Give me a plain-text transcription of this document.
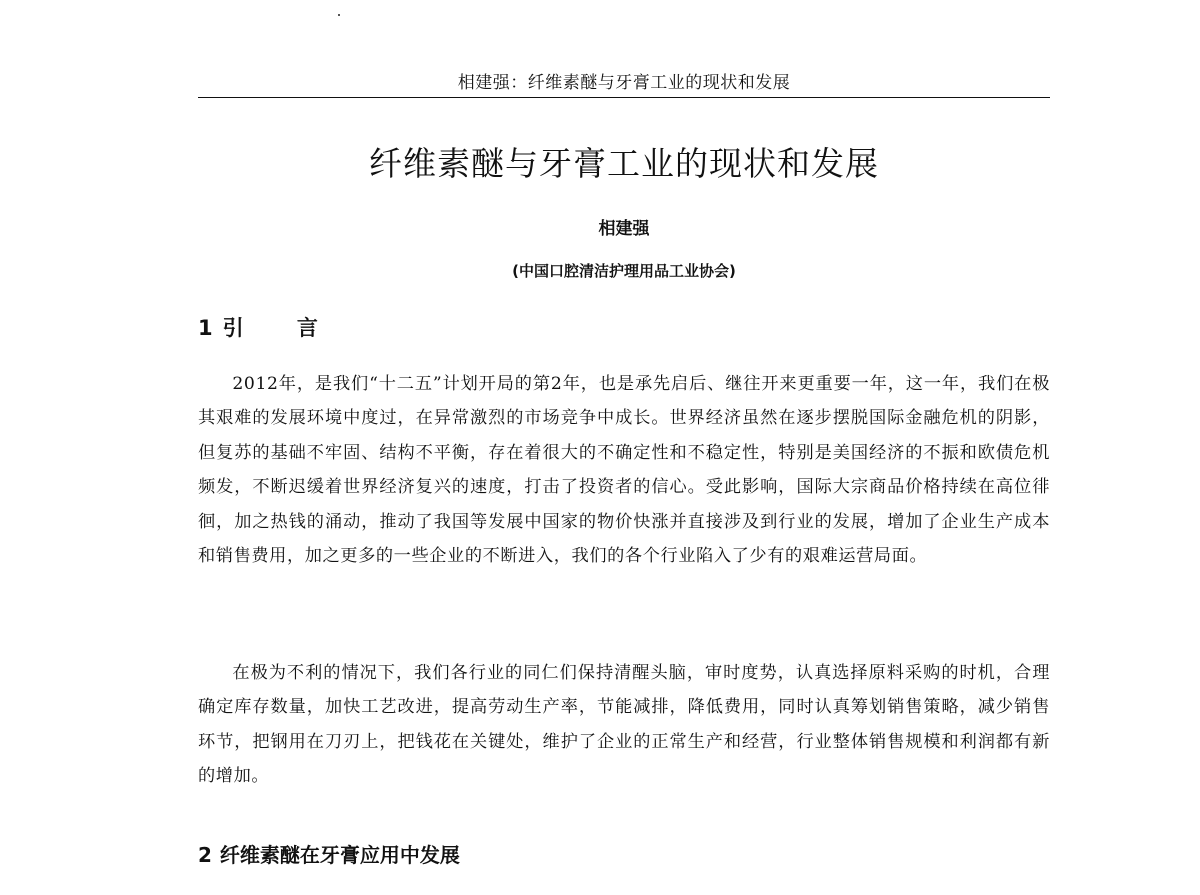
相建强：纤维素醚与牙膏工业的现状和发展
纤维素醚与牙膏工业的现状和发展
相建强
(中国口腔清洁护理用品工业协会)
1 引 言

2012年，是我们“十二五”计划开局的第2年，也是承先启后、继往开来更重要一年，这一年，我们在极其艰难的发展环境中度过，在异常激烈的市场竞争中成长。世界经济虽然在逐步摆脱国际金融危机的阴影，但复苏的基础不牢固、结构不平衡，存在着很大的不确定性和不稳定性，特别是美国经济的不振和欧债危机频发，不断迟缓着世界经济复兴的速度，打击了投资者的信心。受此影响，国际大宗商品价格持续在高位徘徊，加之热钱的涌动，推动了我国等发展中国家的物价快涨并直接涉及到行业的发展，增加了企业生产成本和销售费用，加之更多的一些企业的不断进入，我们的各个行业陷入了少有的艰难运营局面。

在极为不利的情况下，我们各行业的同仁们保持清醒头脑，审时度势，认真选择原料采购的时机，合理确定库存数量，加快工艺改进，提高劳动生产率，节能减排，降低费用，同时认真筹划销售策略，减少销售环节，把钢用在刀刃上，把钱花在关键处，维护了企业的正常生产和经营，行业整体销售规模和利润都有新的增加。

2 纤维素醚在牙膏应用中发展
